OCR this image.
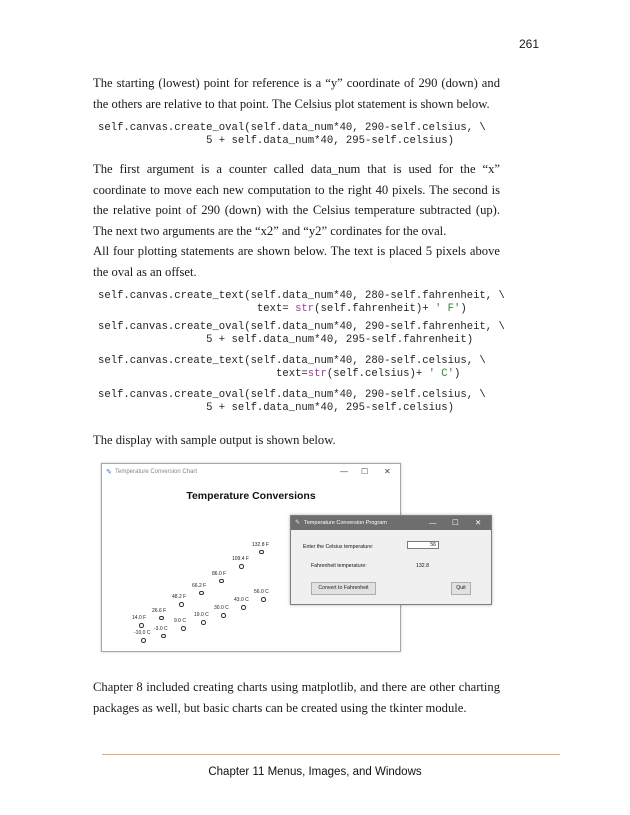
261

The starting (lowest) point for reference is a “y” coordinate of 290 (down) and the others are relative to that point. The Celsius plot statement is shown below.

self.canvas.create_oval(self.data_num*40, 290-self.celsius, \
5 + self.data_num*40, 295-self.celsius)

The first argument is a counter called data_num that is used for the “x” coordinate to move each new computation to the right 40 pixels. The second is the relative point of 290 (down) with the Celsius temperature subtracted (up). The next two arguments are the “x2” and “y2” cordinates for the oval.

All four plotting statements are shown below. The text is placed 5 pixels above the oval as an offset.

self.canvas.create_text(self.data_num*40, 280-self.fahrenheit, \
text= str(self.fahrenheit)+ ' F')
self.canvas.create_oval(self.data_num*40, 290-self.fahrenheit, \
5 + self.data_num*40, 295-self.fahrenheit)
self.canvas.create_text(self.data_num*40, 280-self.celsius, \
text=str(self.celsius)+ ' C')
self.canvas.create_oval(self.data_num*40, 290-self.celsius, \
5 + self.data_num*40, 295-self.celsius)

The display with sample output is shown below.

✎ Temperature Conversion Chart	— ☐ ✕
Temperature Conversions
14.0 F
26.6 F
48.2 F
66.2 F
86.0 F
109.4 F
132.8 F
-10.0 C
-3.0 C
9.0 C
19.0 C
30.0 C
43.0 C
56.0 C
✎ Temperature Conversion Program	— ☐ ✕
Enter the Celsius temperature:	56
Fahrenheit temperature:	132.8
Convert to Fahrenheit	Quit

Chapter 8 included creating charts using matplotlib, and there are other charting packages as well, but basic charts can be created using the tkinter module.

Chapter 11 Menus, Images, and Windows
